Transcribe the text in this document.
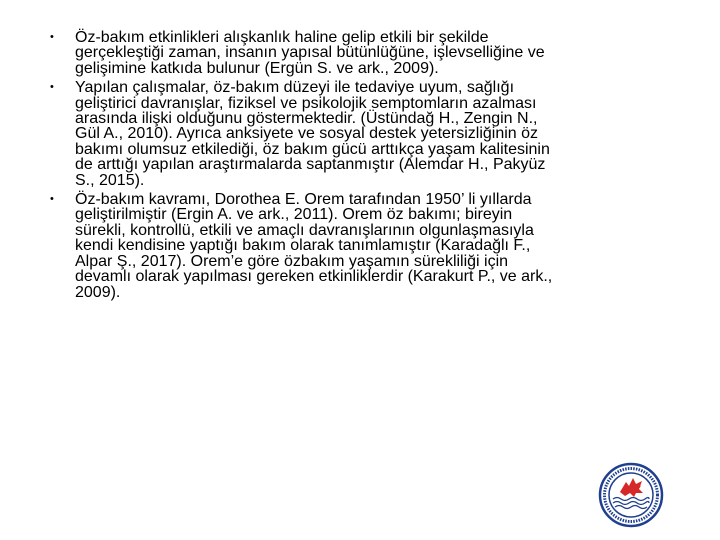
• Öz-bakım etkinlikleri alışkanlık haline gelip etkili bir şekilde gerçekleştiği zaman, insanın yapısal bütünlüğüne, işlevselliğine ve gelişimine katkıda bulunur (Ergün S. ve ark., 2009).
• Yapılan çalışmalar, öz-bakım düzeyi ile tedaviye uyum, sağlığı geliştirici davranışlar, fiziksel ve psikolojik semptomların azalması arasında ilişki olduğunu göstermektedir. (Üstündağ H., Zengin N., Gül A., 2010). Ayrıca anksiyete ve sosyal destek yetersizliğinin öz bakımı olumsuz etkilediği, öz bakım gücü arttıkça yaşam kalitesinin de arttığı yapılan araştırmalarda saptanmıştır (Alemdar H., Pakyüz S., 2015).
• Öz-bakım kavramı, Dorothea E. Orem tarafından 1950’ li yıllarda geliştirilmiştir (Ergin A. ve ark., 2011). Orem öz bakımı; bireyin sürekli, kontrollü, etkili ve amaçlı davranışlarının olgunlaşmasıyla kendi kendisine yaptığı bakım olarak tanımlamıştır (Karadağlı F., Alpar Ş., 2017). Orem’e göre özbakım yaşamın sürekliliği için devamlı olarak yapılması gereken etkinliklerdir (Karakurt P., ve ark., 2009).
